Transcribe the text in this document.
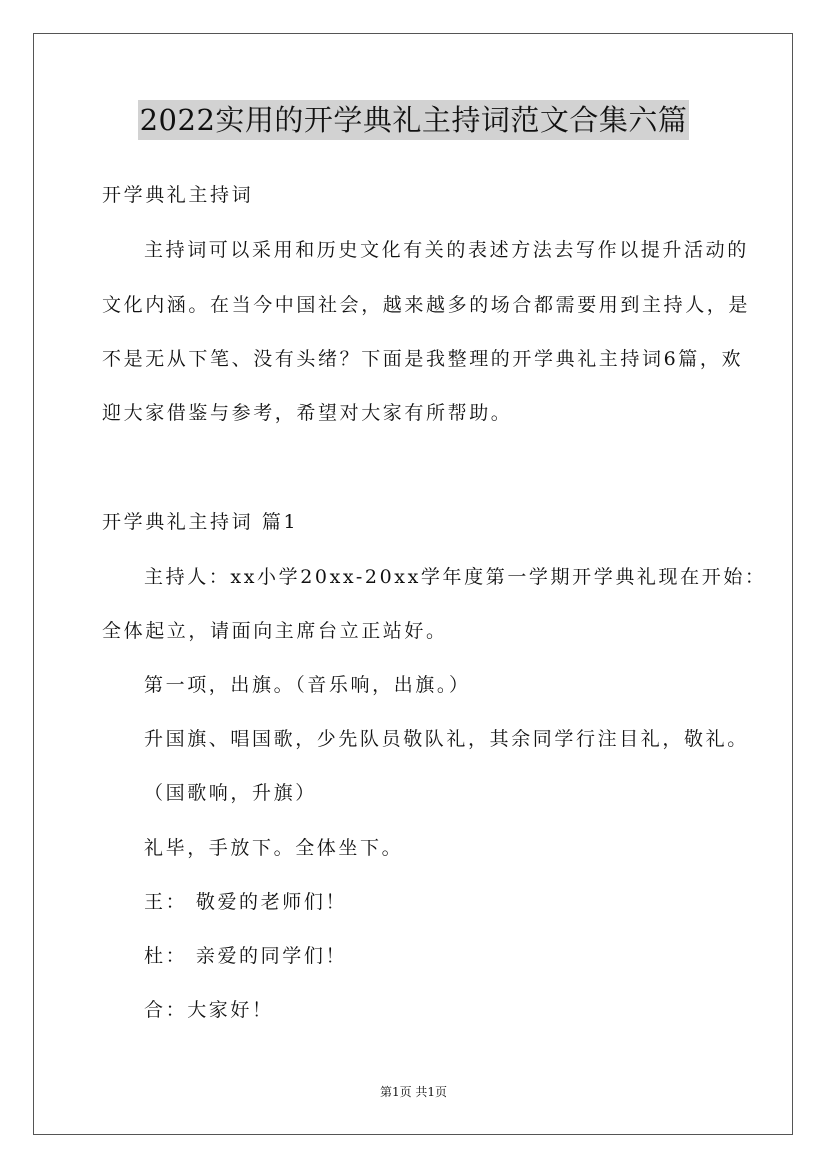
2022实用的开学典礼主持词范文合集六篇
开学典礼主持词
主持词可以采用和历史文化有关的表述方法去写作以提升活动的
文化内涵。在当今中国社会，越来越多的场合都需要用到主持人，是
不是无从下笔、没有头绪？下面是我整理的开学典礼主持词6篇，欢
迎大家借鉴与参考，希望对大家有所帮助。
开学典礼主持词 篇1
主持人：xx小学20xx-20xx学年度第一学期开学典礼现在开始：
全体起立，请面向主席台立正站好。
第一项，出旗。（音乐响，出旗。）
升国旗、唱国歌，少先队员敬队礼，其余同学行注目礼，敬礼。
（国歌响，升旗）
礼毕，手放下。全体坐下。
王： 敬爱的老师们！
杜： 亲爱的同学们！
合：大家好！
第1页 共1页
